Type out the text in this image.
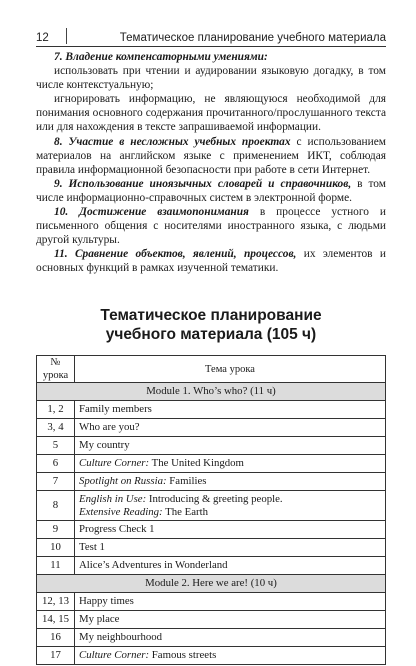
12	Тематическое планирование учебного материала

7. Владение компенсаторными умениями:

использовать при чтении и аудировании языковую догадку, в том числе контекстуальную;

игнорировать информацию, не являющуюся необходимой для понимания основного содержания прочитанного/прослушанного текста или для нахождения в тексте запрашиваемой информации.

8. Участие в несложных учебных проектах с использованием материалов на английском языке с применением ИКТ, соблюдая правила информационной безопасности при работе в сети Интернет.

9. Использование иноязычных словарей и справочников, в том числе информационно-справочных систем в электронной форме.

10. Достижение взаимопонимания в процессе устного и письменного общения с носителями иностранного языка, с людьми другой культуры.

11. Сравнение объектов, явлений, процессов, их элементов и основных функций в рамках изученной тематики.

Тематическое планирование
учебного материала (105 ч)
№
урока	Тема урока
Module 1. Who’s who? (11 ч)	
1, 2	Family members

3, 4	Who are you?

5	My country

6	Culture Corner: The United Kingdom

7	Spotlight on Russia: Families

8	English in Use: Introducing & greeting people.
Extensive Reading: The Earth

9	Progress Check 1

10	Test 1

11	Alice’s Adventures in Wonderland

Module 2. Here we are! (10 ч)	
12, 13	Happy times

14, 15	My place

16	My neighbourhood

17	Culture Corner: Famous streets
